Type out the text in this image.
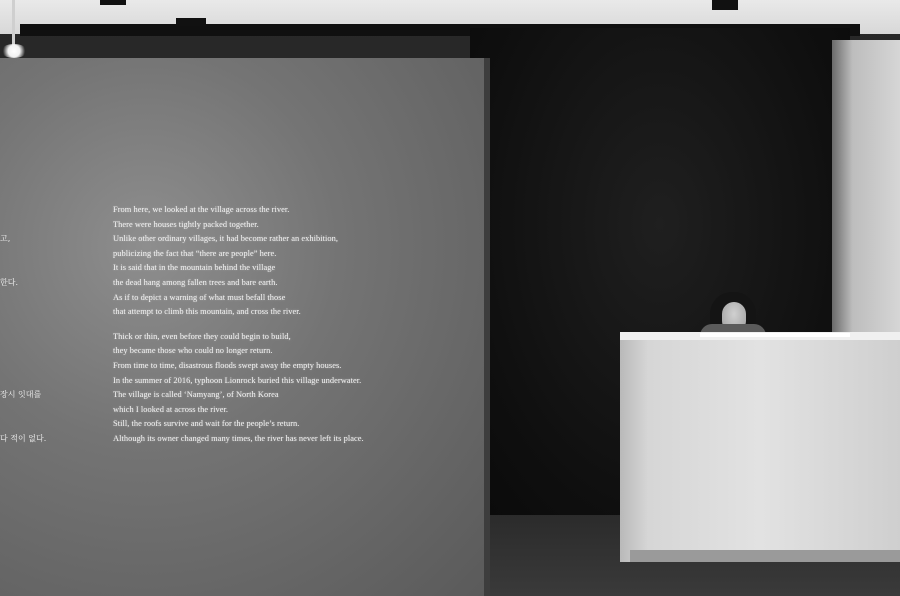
고,
한다.
장시 잇대를
다 적이 없다.
From here, we looked at the village across the river.
There were houses tightly packed together.
Unlike other ordinary villages, it had become rather an exhibition,
publicizing the fact that “there are people” here.
It is said that in the mountain behind the village
the dead hang among fallen trees and bare earth.
As if to depict a warning of what must befall those
that attempt to climb this mountain, and cross the river.
Thick or thin, even before they could begin to build,
they became those who could no longer return.
From time to time, disastrous floods swept away the empty houses.
In the summer of 2016, typhoon Lionrock buried this village underwater.
The village is called ‘Namyang’, of North Korea
which I looked at across the river.
Still, the roofs survive and wait for the people’s return.
Although its owner changed many times, the river has never left its place.
